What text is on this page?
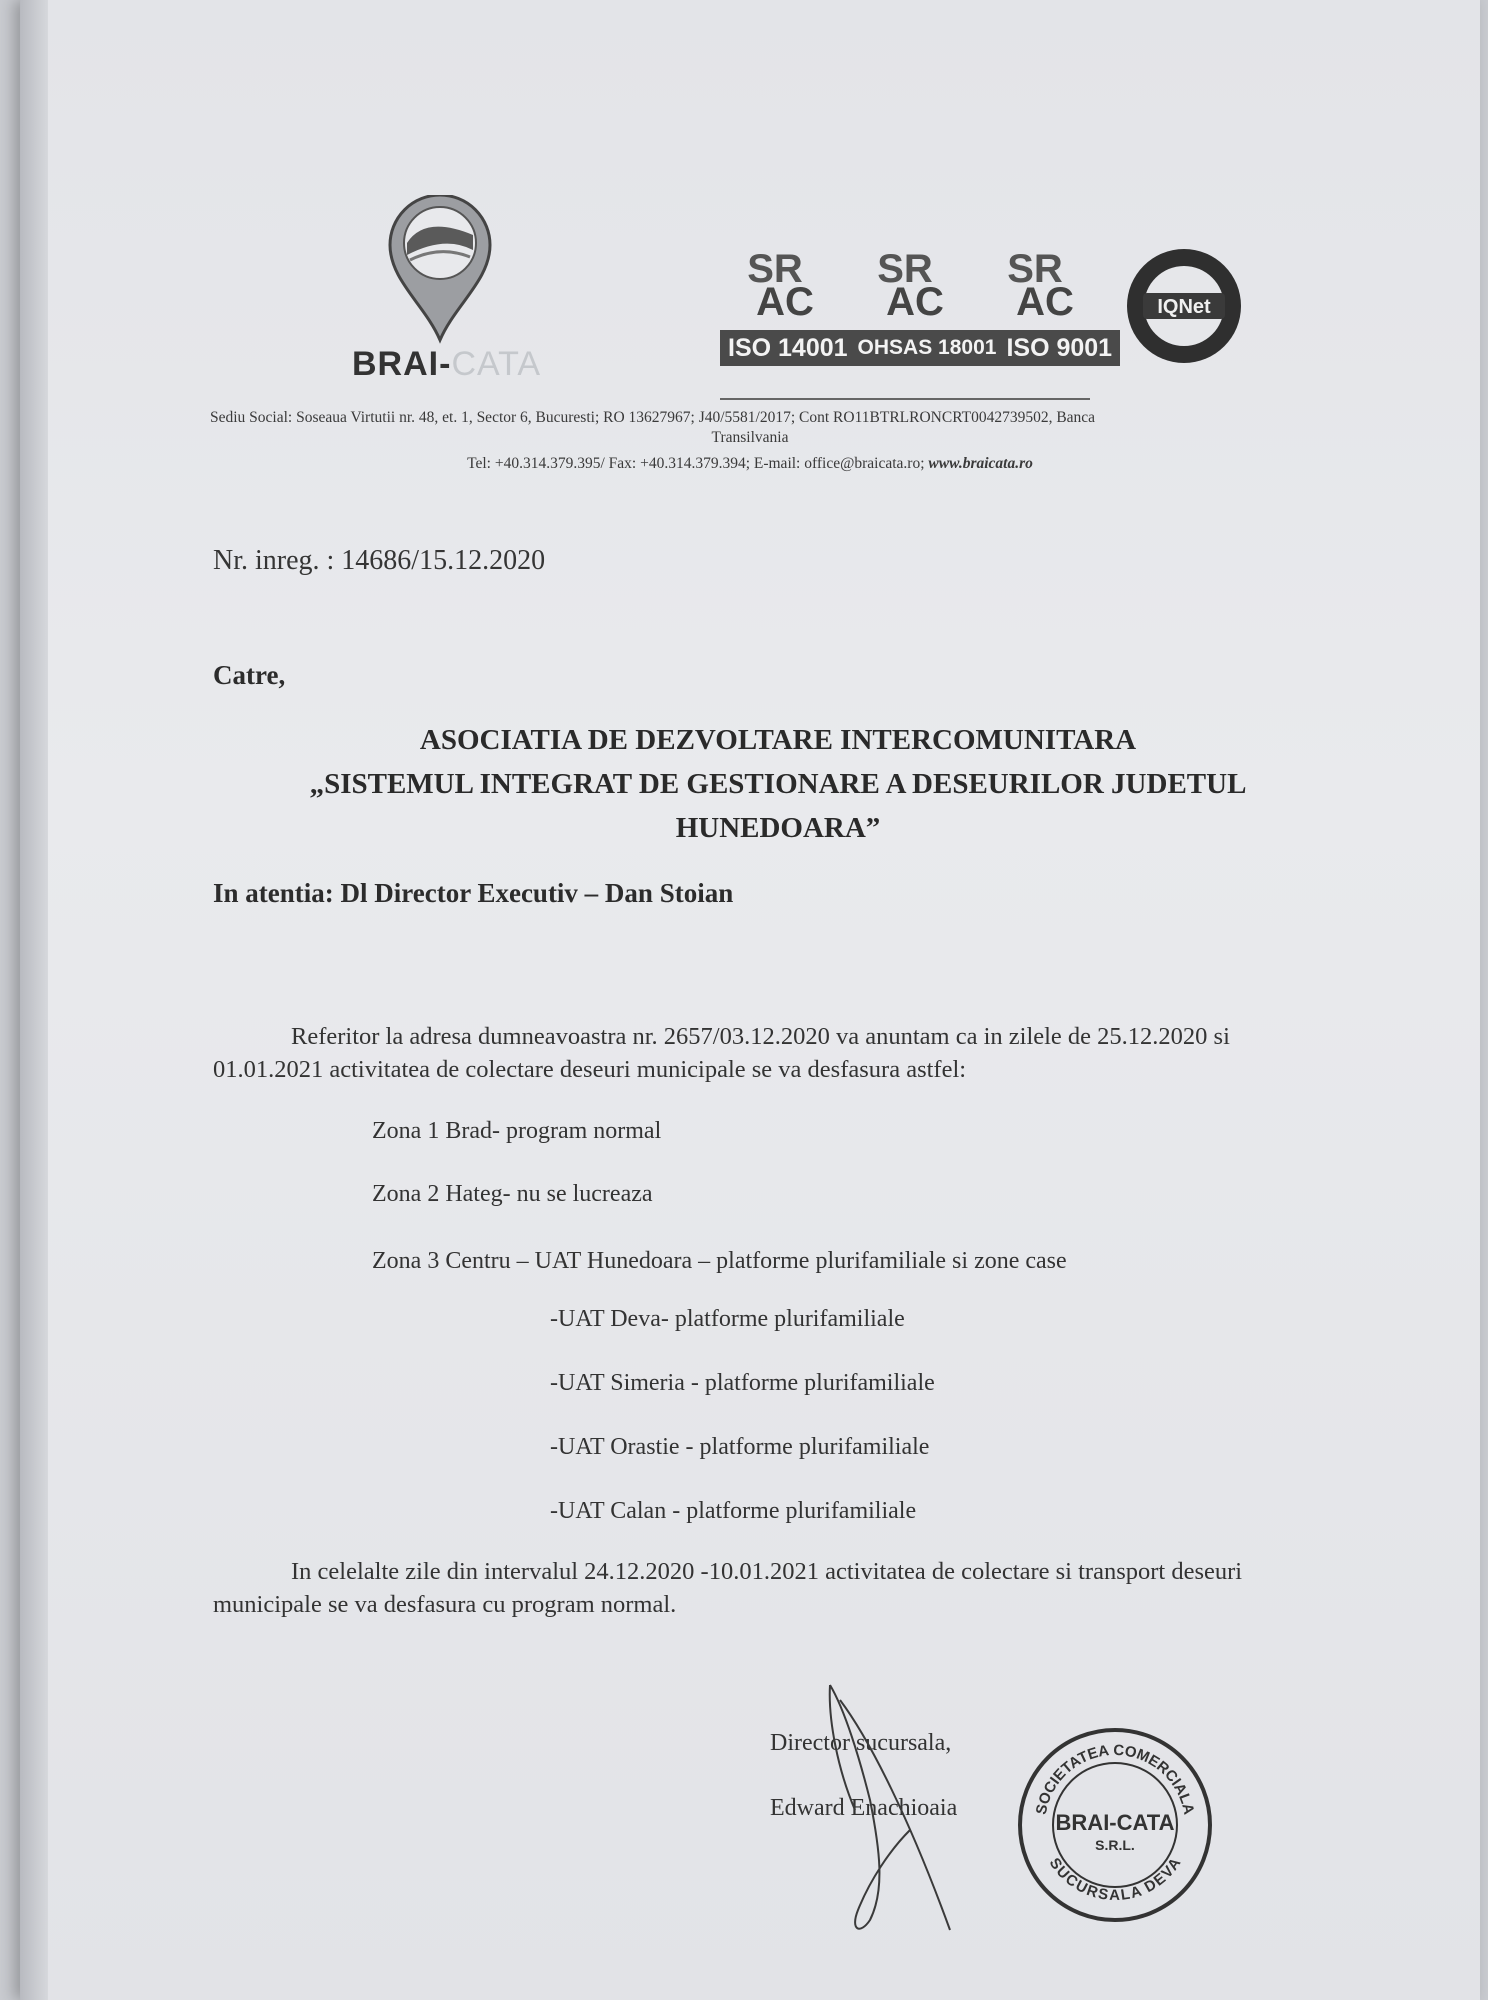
BRAI-CATA
SR	SR	SR
AC	AC	AC
ISO 14001 OHSAS 18001 ISO 9001
IQNet
Sediu Social: Soseaua Virtutii nr. 48, et. 1, Sector 6, Bucuresti; RO 13627967; J40/5581/2017; Cont RO11BTRLRONCRT0042739502, Banca
Transilvania
Tel: +40.314.379.395/ Fax: +40.314.379.394; E-mail: office@braicata.ro; www.braicata.ro
Nr. inreg. : 14686/15.12.2020
Catre,
ASOCIATIA DE DEZVOLTARE INTERCOMUNITARA
„SISTEMUL INTEGRAT DE GESTIONARE A DESEURILOR JUDETUL
HUNEDOARA”
In atentia: Dl Director Executiv – Dan Stoian
Referitor la adresa dumneavoastra nr. 2657/03.12.2020 va anuntam ca in zilele de 25.12.2020 si 01.01.2021 activitatea de colectare deseuri municipale se va desfasura astfel:
Zona 1 Brad- program normal
Zona 2 Hateg- nu se lucreaza
Zona 3 Centru – UAT Hunedoara – platforme plurifamiliale si zone case
-UAT Deva- platforme plurifamiliale
-UAT Simeria - platforme plurifamiliale
-UAT Orastie - platforme plurifamiliale
-UAT Calan - platforme plurifamiliale
In celelalte zile din intervalul 24.12.2020 -10.01.2021 activitatea de colectare si transport deseuri municipale se va desfasura cu program normal.
Director sucursala,
Edward Enachioaia	SOCIETATEA COMERCIALA
SUCURSALA DEVA
BRAI-CATA
S.R.L.
